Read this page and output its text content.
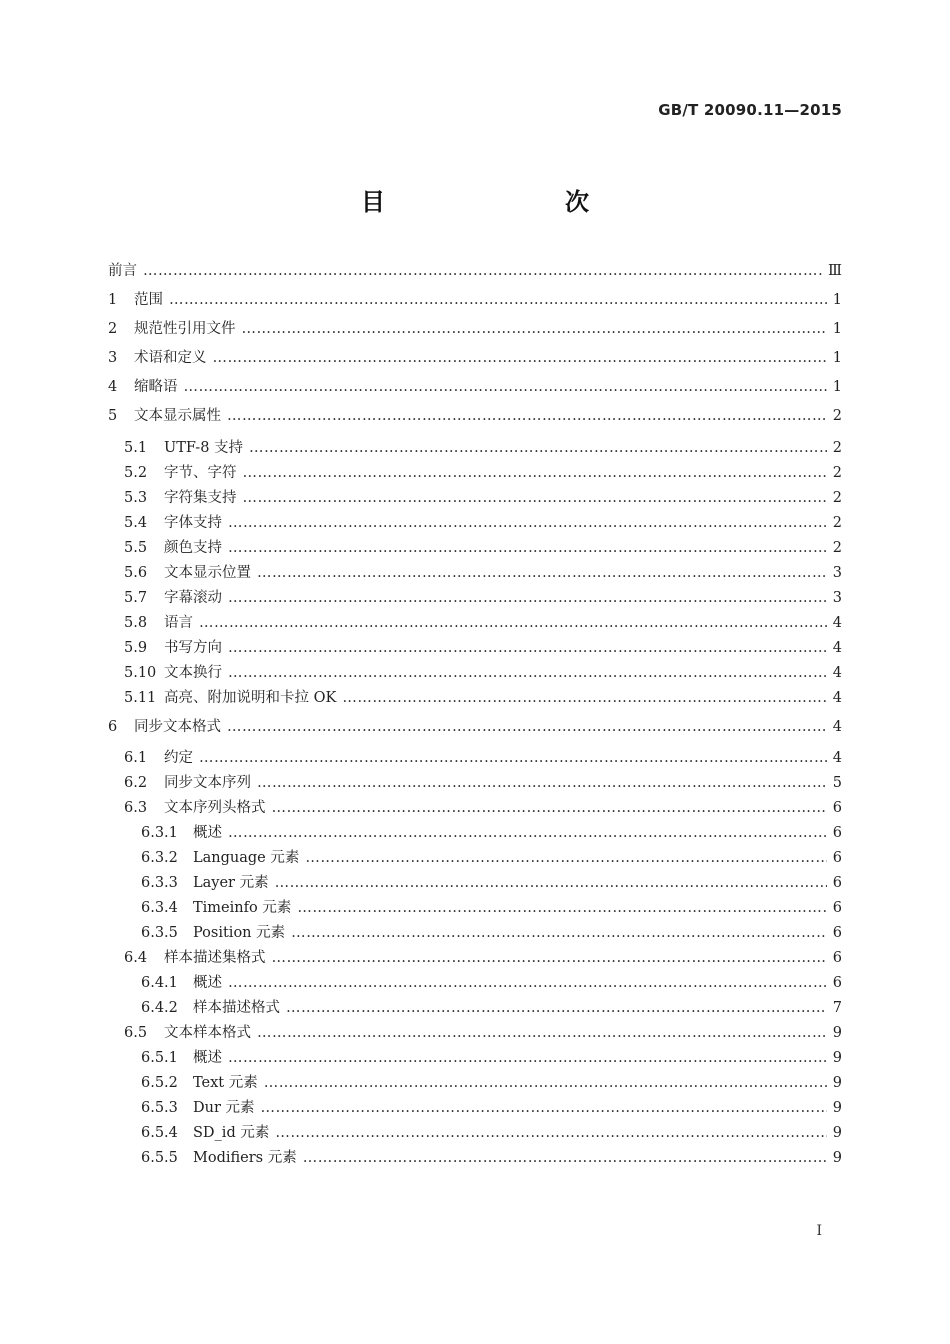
GB/T 20090.11—2015
目　　次
前言 …………………………………………………………………………………………………………………………………………………………………………………………………………………………	Ⅲ
1	范围 …………………………………………………………………………………………………………………………………………………………………………………………………………………………	1
2	规范性引用文件 …………………………………………………………………………………………………………………………………………………………………………………………………………………………	1
3	术语和定义 …………………………………………………………………………………………………………………………………………………………………………………………………………………………	1
4	缩略语 …………………………………………………………………………………………………………………………………………………………………………………………………………………………	1
5	文本显示属性 …………………………………………………………………………………………………………………………………………………………………………………………………………………………	2
5.1	UTF-8 支持 …………………………………………………………………………………………………………………………………………………………………………………………………………………………	2
5.2	字节、字符 …………………………………………………………………………………………………………………………………………………………………………………………………………………………	2
5.3	字符集支持 …………………………………………………………………………………………………………………………………………………………………………………………………………………………	2
5.4	字体支持 …………………………………………………………………………………………………………………………………………………………………………………………………………………………	2
5.5	颜色支持 …………………………………………………………………………………………………………………………………………………………………………………………………………………………	2
5.6	文本显示位置 …………………………………………………………………………………………………………………………………………………………………………………………………………………………	3
5.7	字幕滚动 …………………………………………………………………………………………………………………………………………………………………………………………………………………………	3
5.8	语言 …………………………………………………………………………………………………………………………………………………………………………………………………………………………	4
5.9	书写方向 …………………………………………………………………………………………………………………………………………………………………………………………………………………………	4
5.10 文本换行 …………………………………………………………………………………………………………………………………………………………………………………………………………………………	4
5.11 高亮、附加说明和卡拉 OK …………………………………………………………………………………………………………………………………………………………………………………………………………………………	4
6	同步文本格式 …………………………………………………………………………………………………………………………………………………………………………………………………………………………	4
6.1	约定 …………………………………………………………………………………………………………………………………………………………………………………………………………………………	4
6.2	同步文本序列 …………………………………………………………………………………………………………………………………………………………………………………………………………………………	5
6.3	文本序列头格式 …………………………………………………………………………………………………………………………………………………………………………………………………………………………	6
6.3.1	概述 …………………………………………………………………………………………………………………………………………………………………………………………………………………………	6
6.3.2	Language 元素 …………………………………………………………………………………………………………………………………………………………………………………………………………………………	6
6.3.3	Layer 元素 …………………………………………………………………………………………………………………………………………………………………………………………………………………………	6
6.3.4	Timeinfo 元素 …………………………………………………………………………………………………………………………………………………………………………………………………………………………	6
6.3.5	Position 元素 …………………………………………………………………………………………………………………………………………………………………………………………………………………………	6
6.4	样本描述集格式 …………………………………………………………………………………………………………………………………………………………………………………………………………………………	6
6.4.1	概述 …………………………………………………………………………………………………………………………………………………………………………………………………………………………	6
6.4.2	样本描述格式 …………………………………………………………………………………………………………………………………………………………………………………………………………………………	7
6.5	文本样本格式 …………………………………………………………………………………………………………………………………………………………………………………………………………………………	9
6.5.1	概述 …………………………………………………………………………………………………………………………………………………………………………………………………………………………	9
6.5.2	Text 元素 …………………………………………………………………………………………………………………………………………………………………………………………………………………………	9
6.5.3	Dur 元素 …………………………………………………………………………………………………………………………………………………………………………………………………………………………	9
6.5.4	SD_id 元素 …………………………………………………………………………………………………………………………………………………………………………………………………………………………	9
6.5.5	Modifiers 元素 …………………………………………………………………………………………………………………………………………………………………………………………………………………………	9
Ⅰ
